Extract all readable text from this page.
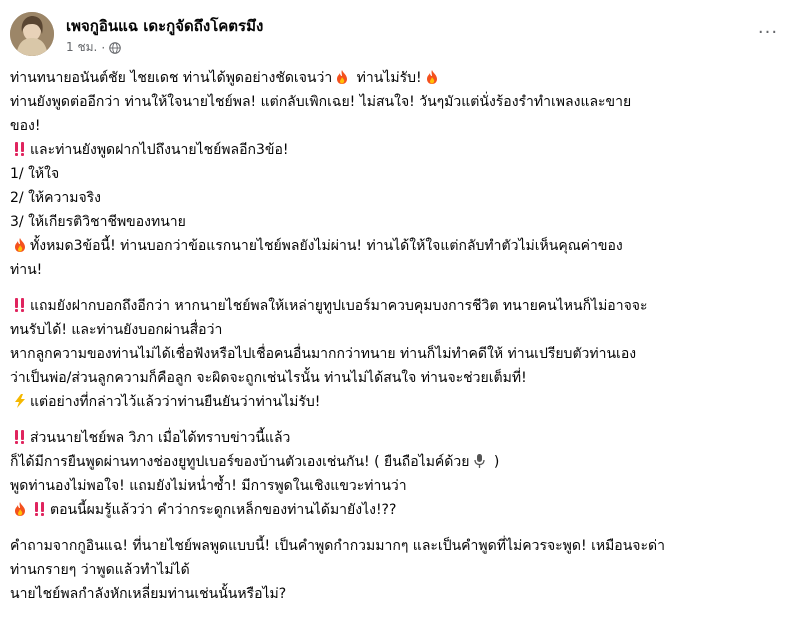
เพจกูอินแฉ เดะกูจัดถึงโคตรมึง
1 ชม. ·
···
ท่านทนายอนันต์ชัย ไชยเดช ท่านได้พูดอย่างชัดเจนว่า ท่านไม่รับ!
ท่านยังพูดต่ออีกว่า ท่านให้ใจนายไชย์พล! แต่กลับเพิกเฉย! ไม่สนใจ! วันๆมัวแต่นั่งร้องรำทำเพลงและขาย
ของ!
และท่านยังพูดฝากไปถึงนายไชย์พลอีก3ข้อ!
1/ ให้ใจ
2/ ให้ความจริง
3/ ให้เกียรติวิชาชีพของทนาย
ทั้งหมด3ข้อนี้! ท่านบอกว่าข้อแรกนายไชย์พลยังไม่ผ่าน! ท่านได้ให้ใจแต่กลับทำตัวไม่เห็นคุณค่าของ
ท่าน!
แถมยังฝากบอกถึงอีกว่า หากนายไชย์พลให้เหล่ายูทูปเบอร์มาควบคุมบงการชีวิต ทนายคนไหนก็ไม่อาจจะ
ทนรับได้! และท่านยังบอกผ่านสื่อว่า
หากลูกความของท่านไม่ได้เชื่อฟังหรือไปเชื่อคนอื่นมากกว่าทนาย ท่านก็ไม่ทำคดีให้ ท่านเปรียบตัวท่านเอง
ว่าเป็นพ่อ/ส่วนลูกความก็คือลูก จะผิดจะถูกเช่นไรนั้น ท่านไม่ได้สนใจ ท่านจะช่วยเต็มที่!
แต่อย่างที่กล่าวไว้แล้วว่าท่านยืนยันว่าท่านไม่รับ!
ส่วนนายไชย์พล วิภา เมื่อได้ทราบข่าวนี้แล้ว
ก็ได้มีการยืนพูดผ่านทางช่องยูทูปเบอร์ของบ้านตัวเองเช่นกัน! ( ยืนถือไมค์ด้วย )
พูดท่านองไม่พอใจ! แถมยังไม่หน่ำซ้ำ! มีการพูดในเชิงแขวะท่านว่า
ตอนนี้ผมรู้แล้วว่า คำว่ากระดูกเหล็กของท่านได้มายังไง!??
คำถามจากกูอินแฉ! ที่นายไชย์พลพูดแบบนี้! เป็นคำพูดกำกวมมากๆ และเป็นคำพูดที่ไม่ควรจะพูด! เหมือนจะด่า
ท่านกรายๆ ว่าพูดแล้วทำไม่ได้
นายไชย์พลกำลังหักเหลี่ยมท่านเช่นนั้นหรือไม่?
